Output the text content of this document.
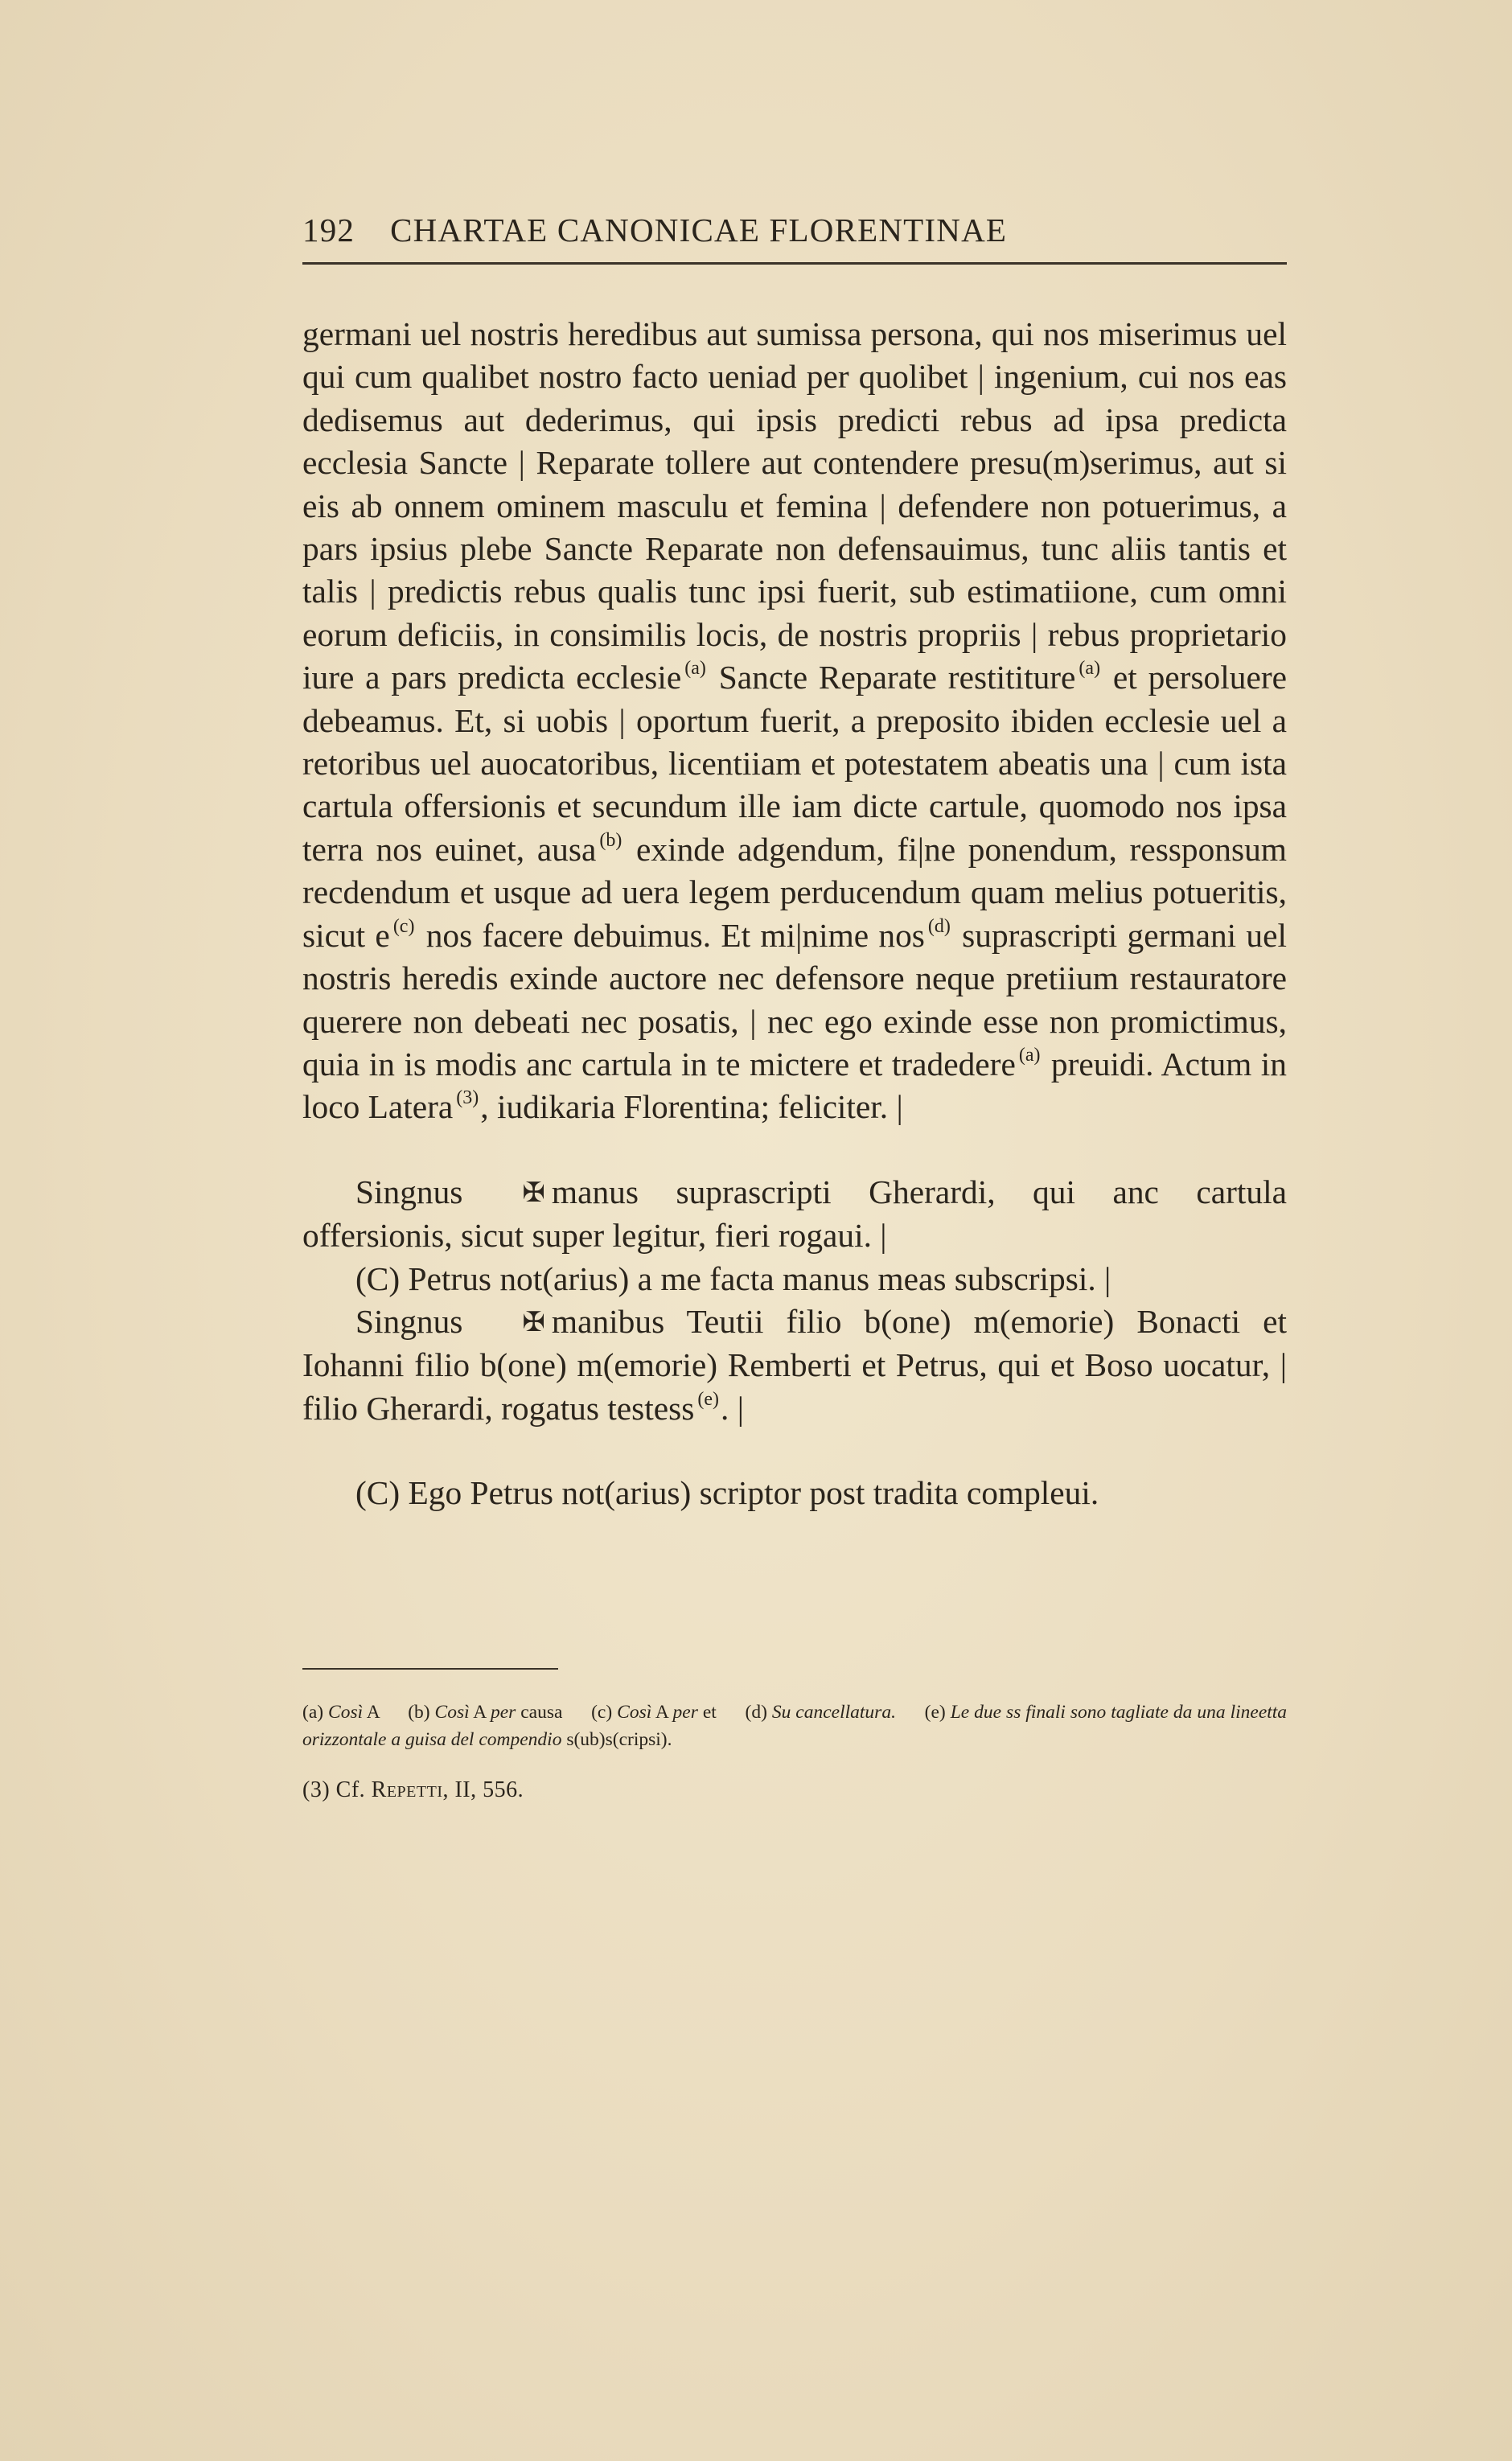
192 CHARTAE CANONICAE FLORENTINAE

germani uel nostris heredibus aut sumissa persona, qui nos miserimus uel qui cum qualibet nostro facto ueniad per quolibet | ingenium, cui nos eas dedisemus aut dederimus, qui ipsis predicti rebus ad ipsa predicta ecclesia Sancte | Reparate tollere aut contendere presu(m)serimus, aut si eis ab onnem ominem masculu et femina | defendere non potuerimus, a pars ipsius plebe Sancte Reparate non defensauimus, tunc aliis tantis et talis | predictis rebus qualis tunc ipsi fuerit, sub estimatiione, cum omni eorum deficiis, in consimilis locis, de nostris propriis | rebus proprietario iure a pars predicta ecclesie $^{(a)}$ Sancte Reparate restititure $^{(a)}$ et persoluere debeamus. Et, si uobis | oportum fuerit, a preposito ibiden ecclesie uel a retoribus uel auocatoribus, licentiiam et potestatem abeatis una | cum ista cartula offersionis et secundum ille iam dicte cartule, quomodo nos ipsa terra nos euinet, ausa $^{(b)}$ exinde adgendum, fi|ne ponendum, ressponsum recdendum et usque ad uera legem perducendum quam melius potueritis, sicut e $^{(c)}$ nos facere debuimus. Et mi|nime nos $^{(d)}$ suprascripti germani uel nostris heredis exinde auctore nec defensore neque pretiium restauratore querere non debeati nec posatis, | nec ego exinde esse non promictimus, quia in is modis anc cartula in te mictere et tradedere $^{(a)}$ preuidi. Actum in loco Latera $^{(3)}$, iudikaria Florentina; feliciter. |

Singnus ✠ manus suprascripti Gherardi, qui anc cartula offersionis, sicut super legitur, fieri rogaui. |

(C) Petrus not(arius) a me facta manus meas subscripsi. |

Singnus ✠ manibus Teutii filio b(one) m(emorie) Bonacti et Iohanni filio b(one) m(emorie) Remberti et Petrus, qui et Boso uocatur, | filio Gherardi, rogatus testess $^{(e)}$. |

(C) Ego Petrus not(arius) scriptor post tradita compleui.

(a) Così A (b) Così A per causa (c) Così A per et (d) Su cancellatura. (e) Le due ss finali sono tagliate da una lineetta orizzontale a guisa del compendio s(ub)s(cripsi).

(3) Cf. Repetti, II, 556.
